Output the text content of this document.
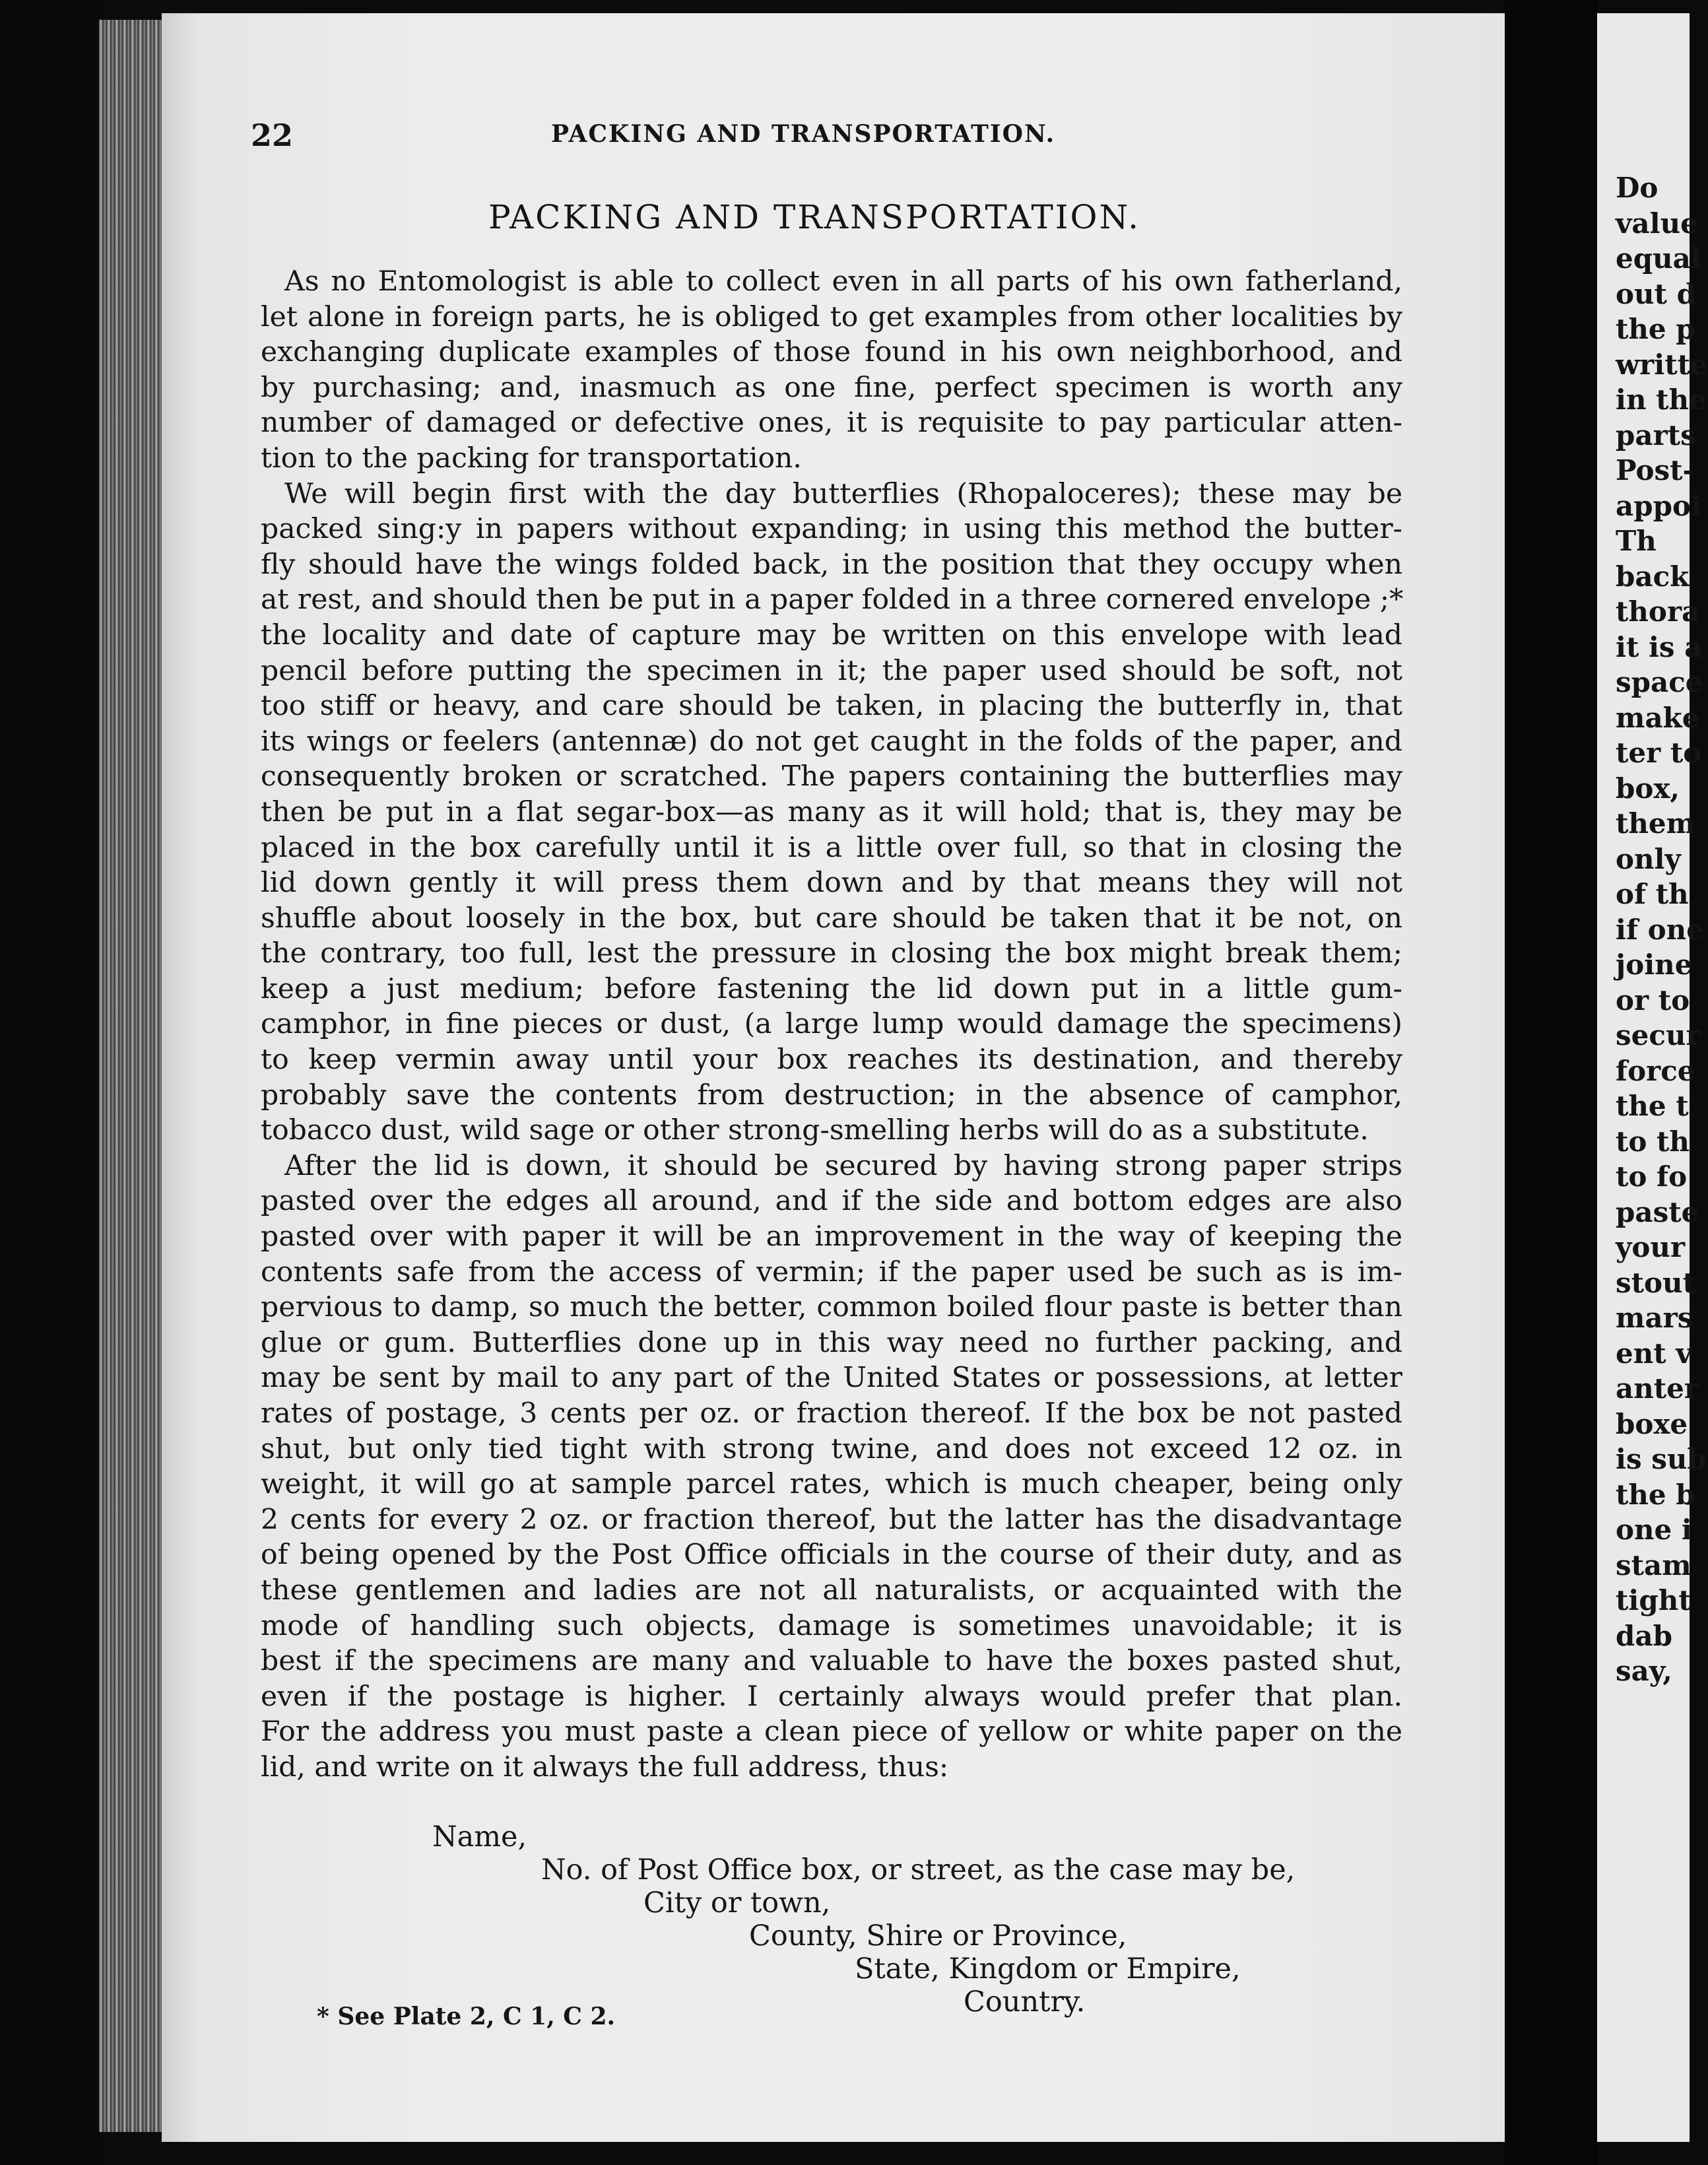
22	PACKING AND TRANSPORTATION.
PACKING AND TRANSPORTATION.
As no Entomologist is able to collect even in all parts of his own fatherland,
let alone in foreign parts, he is obliged to get examples from other localities by
exchanging duplicate examples of those found in his own neighborhood, and
by purchasing; and, inasmuch as one fine, perfect specimen is worth any
number of damaged or defective ones, it is requisite to pay particular atten-
tion to the packing for transportation.
We will begin first with the day butterflies (Rhopaloceres); these may be
packed sing:y in papers without expanding; in using this method the butter-
fly should have the wings folded back, in the position that they occupy when
at rest, and should then be put in a paper folded in a three cornered envelope ;*
the locality and date of capture may be written on this envelope with lead
pencil before putting the specimen in it; the paper used should be soft, not
too stiff or heavy, and care should be taken, in placing the butterfly in, that
its wings or feelers (antennæ) do not get caught in the folds of the paper, and
consequently broken or scratched. The papers containing the butterflies may
then be put in a flat segar-box—as many as it will hold; that is, they may be
placed in the box carefully until it is a little over full, so that in closing the
lid down gently it will press them down and by that means they will not
shuffle about loosely in the box, but care should be taken that it be not, on
the contrary, too full, lest the pressure in closing the box might break them;
keep a just medium; before fastening the lid down put in a little gum-
camphor, in fine pieces or dust, (a large lump would damage the specimens)
to keep vermin away until your box reaches its destination, and thereby
probably save the contents from destruction; in the absence of camphor,
tobacco dust, wild sage or other strong-smelling herbs will do as a substitute.
After the lid is down, it should be secured by having strong paper strips
pasted over the edges all around, and if the side and bottom edges are also
pasted over with paper it will be an improvement in the way of keeping the
contents safe from the access of vermin; if the paper used be such as is im-
pervious to damp, so much the better, common boiled flour paste is better than
glue or gum. Butterflies done up in this way need no further packing, and
may be sent by mail to any part of the United States or possessions, at letter
rates of postage, 3 cents per oz. or fraction thereof. If the box be not pasted
shut, but only tied tight with strong twine, and does not exceed 12 oz. in
weight, it will go at sample parcel rates, which is much cheaper, being only
2 cents for every 2 oz. or fraction thereof, but the latter has the disadvantage
of being opened by the Post Office officials in the course of their duty, and as
these gentlemen and ladies are not all naturalists, or acquainted with the
mode of handling such objects, damage is sometimes unavoidable; it is
best if the specimens are many and valuable to have the boxes pasted shut,
even if the postage is higher. I certainly always would prefer that plan.
For the address you must paste a clean piece of yellow or white paper on the
lid, and write on it always the full address, thus:
Name,
No. of Post Office box, or street, as the case may be,
City or town,
County, Shire or Province,
State, Kingdom or Empire,
Country.
* See Plate 2, C 1, C 2.
Do
value
equal
out d
the p
writte
in the
parts
Post-
appoi
Th
back
thora
it is a
space
make
ter to
box,
them
only
of th
if one
joine
or to
secur
force
the t
to th
to fo
paste
your
stout
mars
ent v
anter
boxe
is sub
the b
one i
stam
tight
dab
say,
